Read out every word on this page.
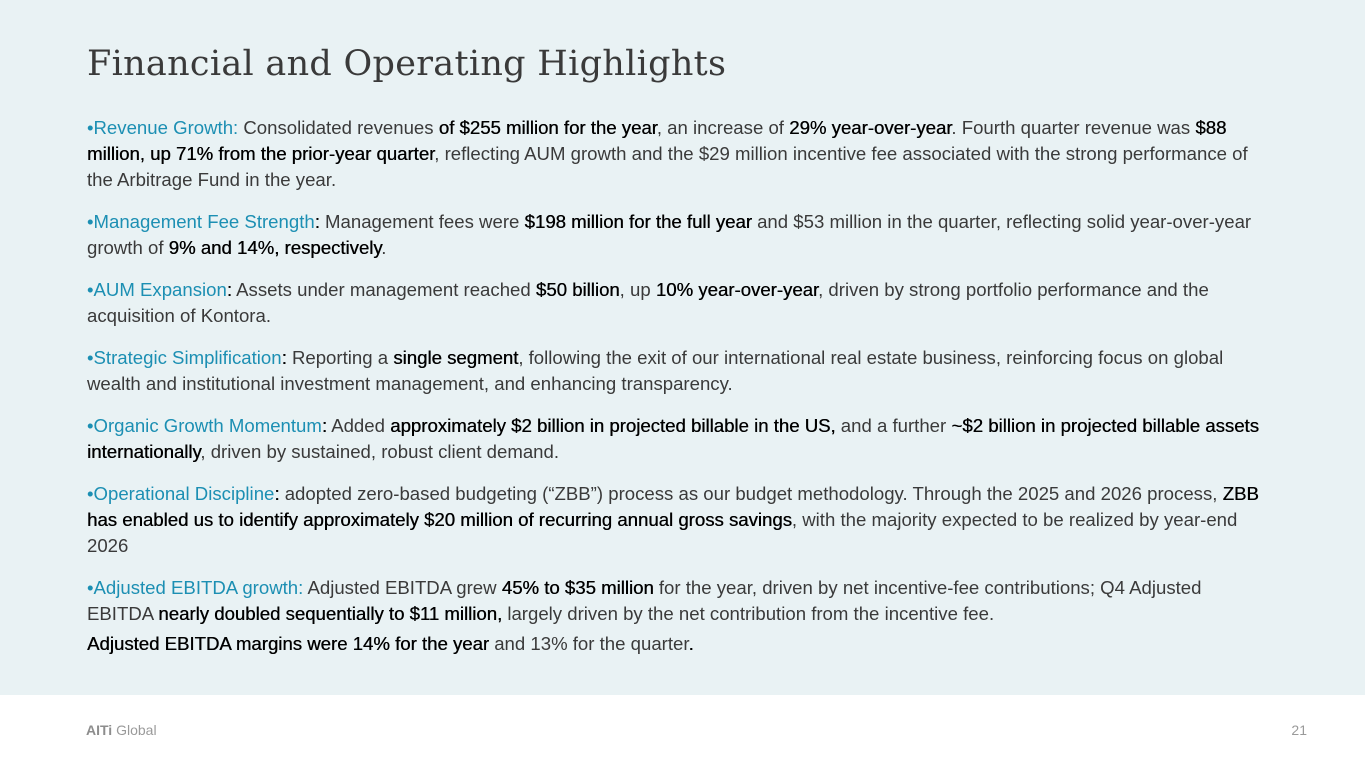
Financial and Operating Highlights

•Revenue Growth: Consolidated revenues of $255 million for the year, an increase of 29% year-over-year. Fourth quarter revenue was $88 million, up 71% from the prior-year quarter, reflecting AUM growth and the $29 million incentive fee associated with the strong performance of the Arbitrage Fund in the year.

•Management Fee Strength: Management fees were $198 million for the full year and $53 million in the quarter, reflecting solid year-over-year growth of 9% and 14%, respectively.

•AUM Expansion: Assets under management reached $50 billion, up 10% year-over-year, driven by strong portfolio performance and the acquisition of Kontora.

•Strategic Simplification: Reporting a single segment, following the exit of our international real estate business, reinforcing focus on global wealth and institutional investment management, and enhancing transparency.

•Organic Growth Momentum: Added approximately $2 billion in projected billable in the US, and a further ~$2 billion in projected billable assets internationally, driven by sustained, robust client demand.

•Operational Discipline: adopted zero-based budgeting (“ZBB”) process as our budget methodology. Through the 2025 and 2026 process, ZBB has enabled us to identify approximately $20 million of recurring annual gross savings, with the majority expected to be realized by year-end 2026

•Adjusted EBITDA growth: Adjusted EBITDA grew 45% to $35 million for the year, driven by net incentive-fee contributions; Q4 Adjusted EBITDA nearly doubled sequentially to $11 million, largely driven by the net contribution from the incentive fee.
Adjusted EBITDA margins were 14% for the year and 13% for the quarter.

AITi Global	21
